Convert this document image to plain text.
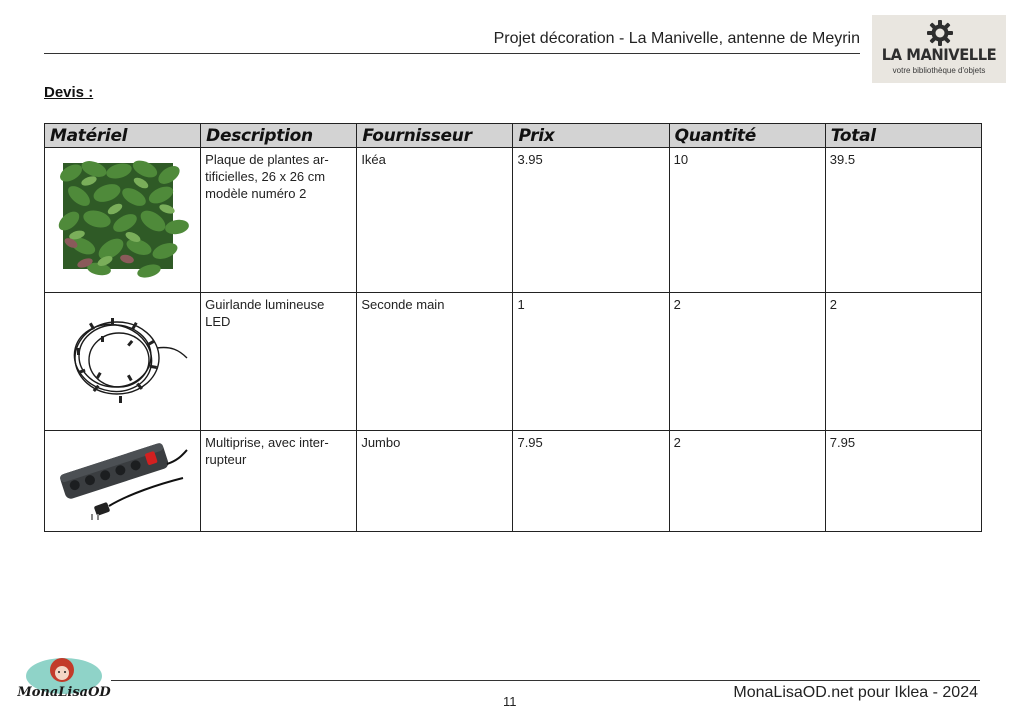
Projet décoration - La Manivelle, antenne de Meyrin
LA MANIVELLE
votre bibliothèque d'objets
Devis :
Matériel	Description	Fournisseur	Prix	Quantité	Total
	Plaque de plantes ar-
tificielles, 26 x 26 cm
modèle numéro 2	Ikéa	3.95	10	39.5
	Guirlande lumineuse
LED	Seconde main	1	2	2
	Multiprise, avec inter-
rupteur	Jumbo	7.95	2	7.95
MonaLisaOD
11
MonaLisaOD.net pour Iklea - 2024
